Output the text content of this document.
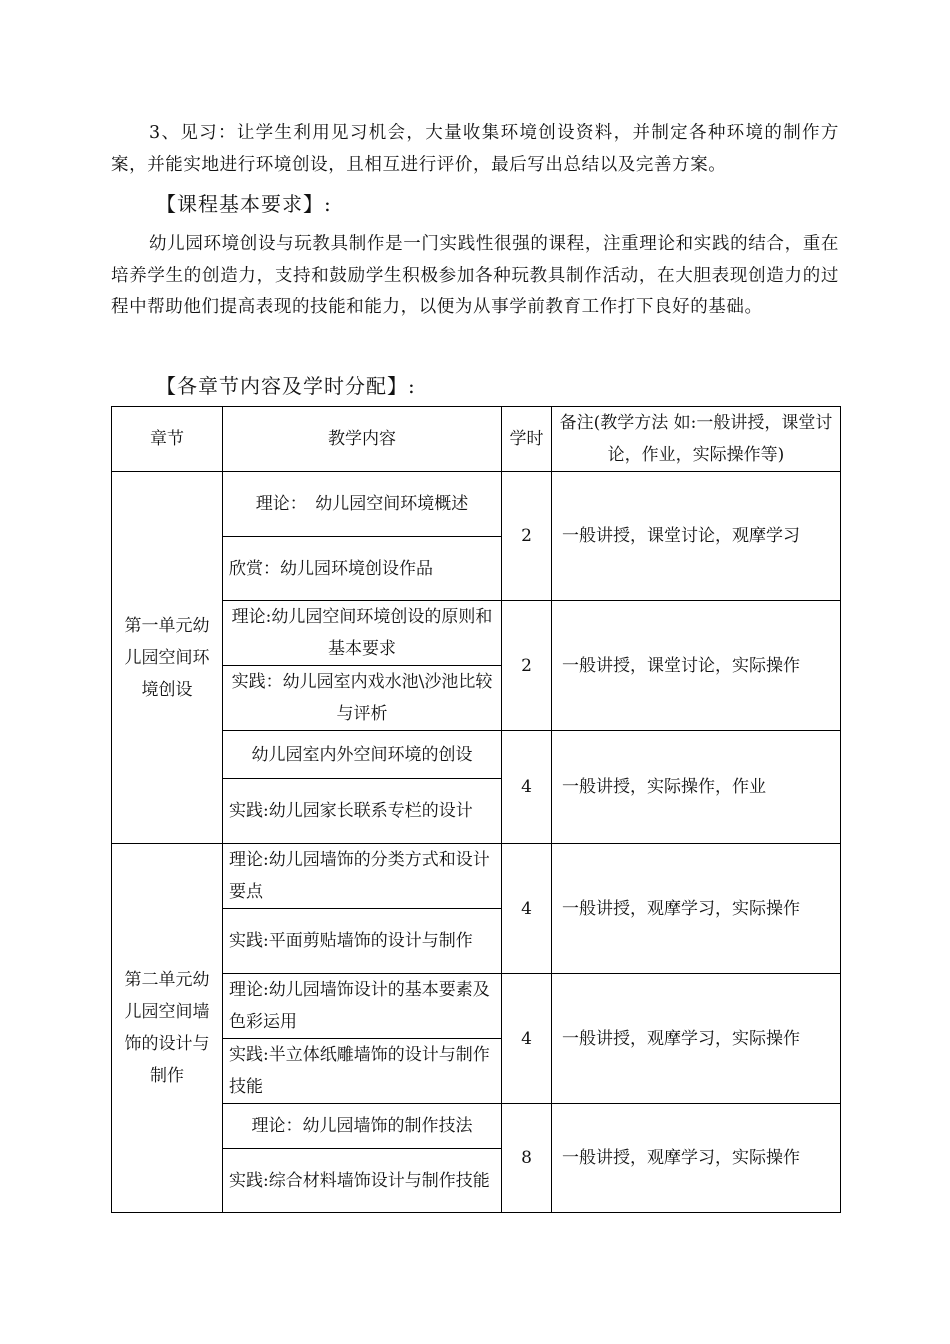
3、见习：让学生利用见习机会，大量收集环境创设资料，并制定各种环境的制作方案，并能实地进行环境创设，且相互进行评价，最后写出总结以及完善方案。

【课程基本要求】:

幼儿园环境创设与玩教具制作是一门实践性很强的课程，注重理论和实践的结合，重在培养学生的创造力，支持和鼓励学生积极参加各种玩教具制作活动，在大胆表现创造力的过程中帮助他们提高表现的技能和能力，以便为从事学前教育工作打下良好的基础。

【各章节内容及学时分配】:
章节	教学内容	学时	备注(教学方法 如:一般讲授，课堂讨论，作业，实际操作等)
第一单元幼儿园空间环境创设	理论：　幼儿园空间环境概述	2	一般讲授，课堂讨论，观摩学习
	欣赏：幼儿园环境创设作品		
	理论:幼儿园空间环境创设的原则和基本要求	2	一般讲授，课堂讨论，实际操作
	实践：幼儿园室内戏水池\沙池比较与评析		
	幼儿园室内外空间环境的创设	4	一般讲授，实际操作，作业
	实践:幼儿园家长联系专栏的设计		
第二单元幼儿园空间墙饰的设计与制作	理论:幼儿园墙饰的分类方式和设计要点	4	一般讲授，观摩学习，实际操作
	实践:平面剪贴墙饰的设计与制作		
	理论:幼儿园墙饰设计的基本要素及色彩运用	4	一般讲授，观摩学习，实际操作
	实践:半立体纸雕墙饰的设计与制作技能		
	理论：幼儿园墙饰的制作技法	8	一般讲授，观摩学习，实际操作
	实践:综合材料墙饰设计与制作技能		
